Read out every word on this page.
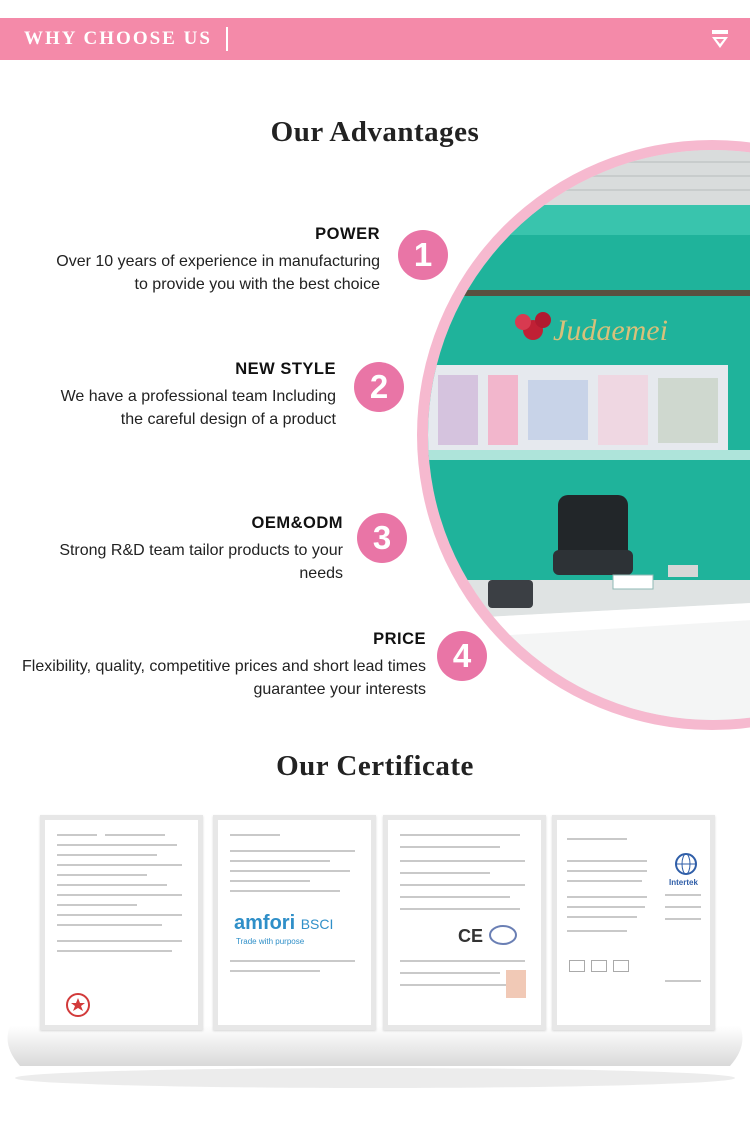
WHY CHOOSE US
Our Advantages
Judaemei
POWER
Over 10 years of experience in manufacturing
to provide you with the best choice
1
NEW STYLE
We have a professional team Including
the careful design of a product
2
OEM&ODM
Strong R&D team tailor products to your
needs
3
PRICE
Flexibility, quality, competitive prices and short lead times
guarantee your interests
4
Our Certificate
amfori BSCI
Trade with purpose	CE
Intertek
